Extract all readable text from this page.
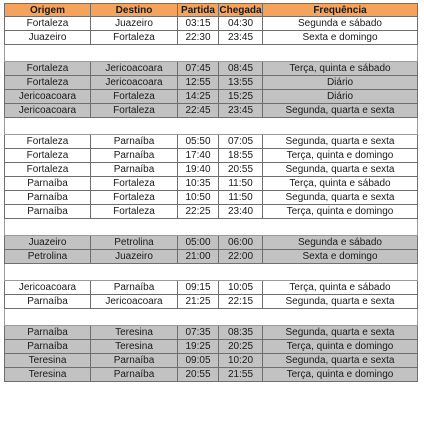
Origem	Destino	Partida Chegada	Frequência
Fortaleza	Juazeiro	03:15	04:30	Segunda e sábado
Juazeiro	Fortaleza	22:30	23:45	Sexta e domingo
Fortaleza	Jericoacoara	07:45	08:45	Terça, quinta e sábado
Fortaleza	Jericoacoara	12:55	13:55	Diário
Jericoacoara	Fortaleza	14:25	15:25	Diário
Jericoacoara	Fortaleza	22:45	23:45	Segunda, quarta e sexta
Fortaleza	Parnaíba	05:50	07:05	Segunda, quarta e sexta
Fortaleza	Parnaíba	17:40	18:55	Terça, quinta e domingo
Fortaleza	Parnaíba	19:40	20:55	Segunda, quarta e sexta
Parnaíba	Fortaleza	10:35	11:50	Terça, quinta e sábado
Parnaíba	Fortaleza	10:50	11:50	Segunda, quarta e sexta
Parnaíba	Fortaleza	22:25	23:40	Terça, quinta e domingo
Juazeiro	Petrolina	05:00	06:00	Segunda e sábado
Petrolina	Juazeiro	21:00	22:00	Sexta e domingo
Jericoacoara	Parnaíba	09:15	10:05	Terça, quinta e sábado
Parnaíba	Jericoacoara	21:25	22:15	Segunda, quarta e sexta
Parnaíba	Teresina	07:35	08:35	Segunda, quarta e sexta
Parnaíba	Teresina	19:25	20:25	Terça, quinta e domingo
Teresina	Parnaíba	09:05	10:20	Segunda, quarta e sexta
Teresina	Parnaíba	20:55	21:55	Terça, quinta e domingo
